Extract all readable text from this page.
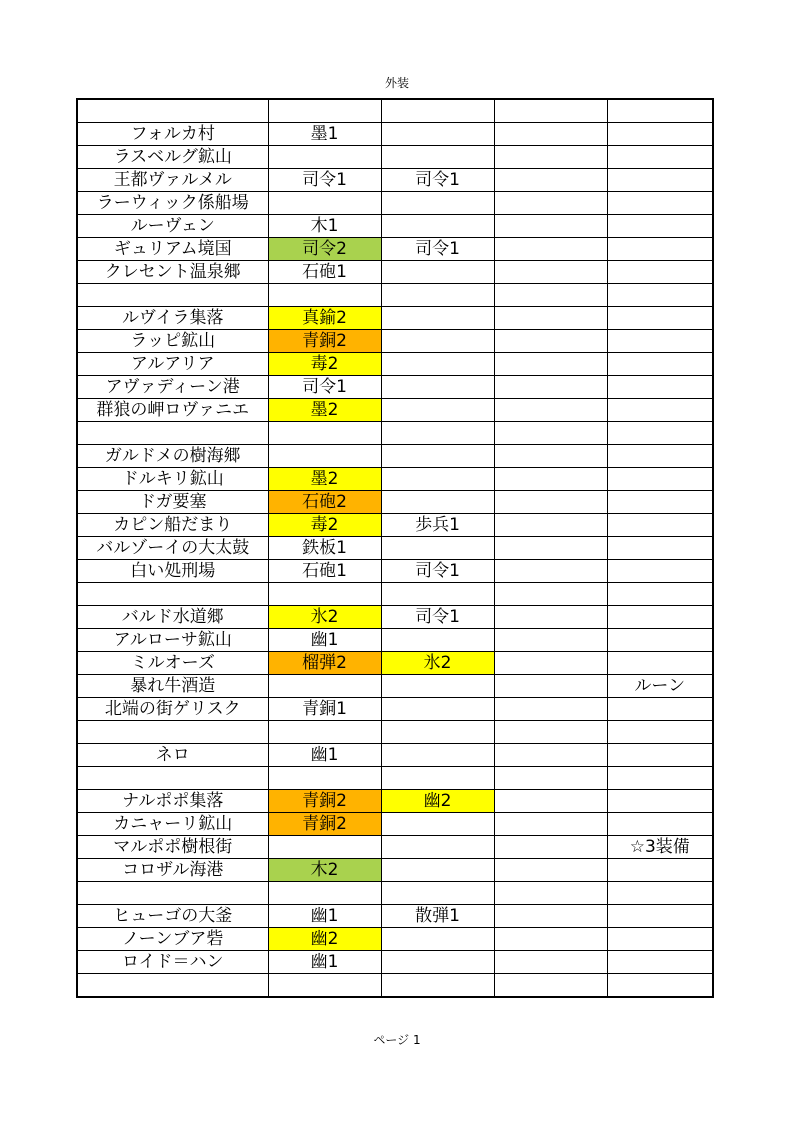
外装

フォルカ村	墨1			
ラスベルグ鉱山				
王都ヴァルメル	司令1	司令1		
ラーウィック係船場				
ルーヴェン	木1			
ギュリアム境国	司令2	司令1		
クレセント温泉郷	石砲1			

ルヴイラ集落	真鍮2			
ラッピ鉱山	青銅2			
アルアリア	毒2			
アヴァディーン港	司令1			
群狼の岬ロヴァニエ	墨2			

ガルドメの樹海郷				
ドルキリ鉱山	墨2			
ドガ要塞	石砲2			
カピン船だまり	毒2	歩兵1		
バルゾーイの大太鼓	鉄板1			
白い処刑場	石砲1	司令1		

バルド水道郷	氷2	司令1		
アルローサ鉱山	幽1			
ミルオーズ	榴弾2	氷2		
暴れ牛酒造				ルーン
北端の街ゲリスク	青銅1			

ネロ	幽1			

ナルポポ集落	青銅2	幽2		
カニャーリ鉱山	青銅2			
マルポポ樹根街				☆3装備
コロザル海港	木2			

ヒューゴの大釜	幽1	散弾1		
ノーンブア砦	幽2			
ロイド＝ハン	幽1			

ページ 1
